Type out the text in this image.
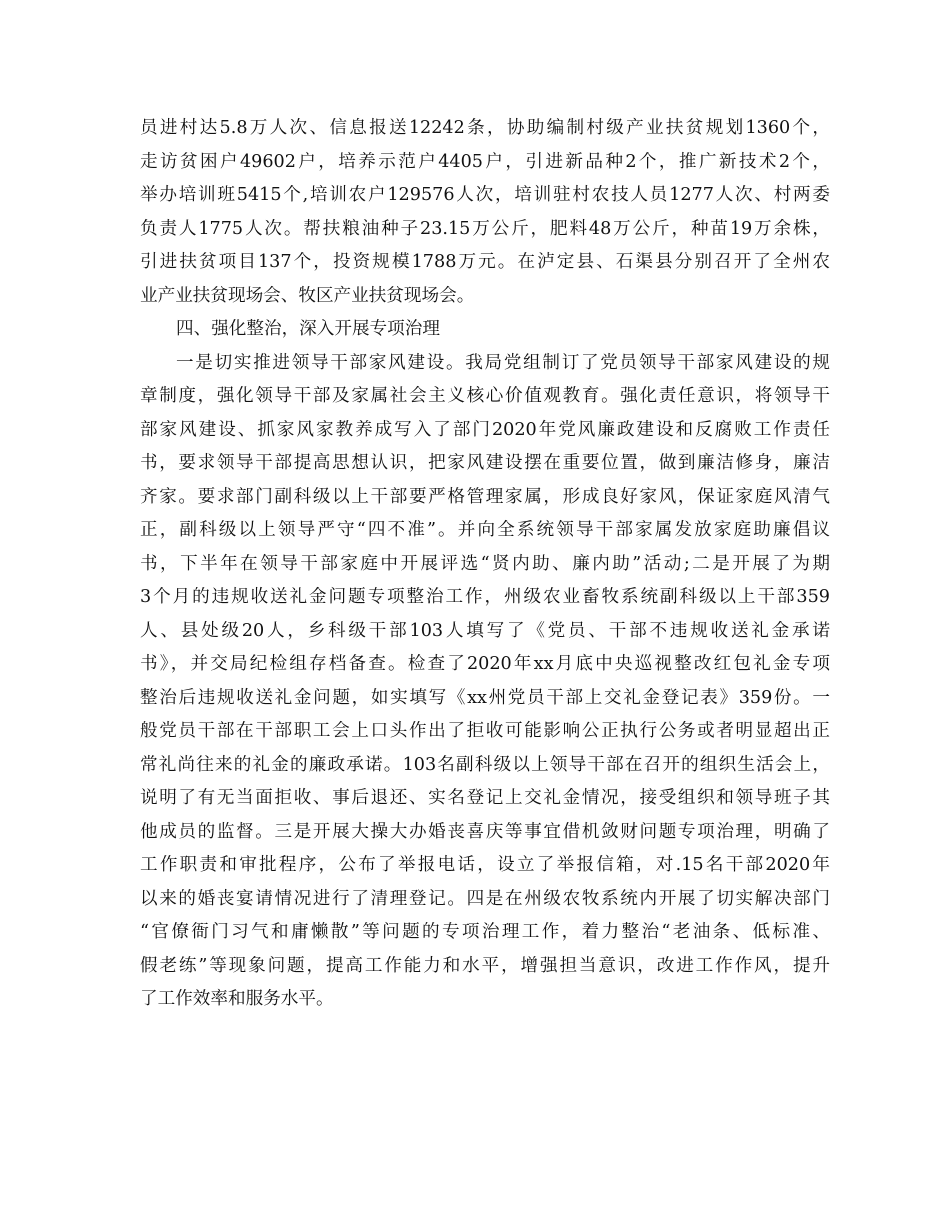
员进村达5.8万人次、信息报送12242条，协助编制村级产业扶贫规划1360个，
走访贫困户49602户，培养示范户4405户，引进新品种2个，推广新技术2个，
举办培训班5415个,培训农户129576人次，培训驻村农技人员1277人次、村两委
负责人1775人次。帮扶粮油种子23.15万公斤，肥料48万公斤，种苗19万余株，
引进扶贫项目137个，投资规模1788万元。在泸定县、石渠县分别召开了全州农
业产业扶贫现场会、牧区产业扶贫现场会。
四、强化整治，深入开展专项治理
一是切实推进领导干部家风建设。我局党组制订了党员领导干部家风建设的规
章制度，强化领导干部及家属社会主义核心价值观教育。强化责任意识，将领导干
部家风建设、抓家风家教养成写入了部门2020年党风廉政建设和反腐败工作责任
书，要求领导干部提高思想认识，把家风建设摆在重要位置，做到廉洁修身，廉洁
齐家。要求部门副科级以上干部要严格管理家属，形成良好家风，保证家庭风清气
正，副科级以上领导严守“四不准”。并向全系统领导干部家属发放家庭助廉倡议
书，下半年在领导干部家庭中开展评选“贤内助、廉内助”活动;二是开展了为期
3个月的违规收送礼金问题专项整治工作，州级农业畜牧系统副科级以上干部359
人、县处级20人，乡科级干部103人填写了《党员、干部不违规收送礼金承诺
书》，并交局纪检组存档备查。检查了2020年xx月底中央巡视整改红包礼金专项
整治后违规收送礼金问题，如实填写《xx州党员干部上交礼金登记表》359份。一
般党员干部在干部职工会上口头作出了拒收可能影响公正执行公务或者明显超出正
常礼尚往来的礼金的廉政承诺。103名副科级以上领导干部在召开的组织生活会上，
说明了有无当面拒收、事后退还、实名登记上交礼金情况，接受组织和领导班子其
他成员的监督。三是开展大操大办婚丧喜庆等事宜借机敛财问题专项治理，明确了
工作职责和审批程序，公布了举报电话，设立了举报信箱，对.15名干部2020年
以来的婚丧宴请情况进行了清理登记。四是在州级农牧系统内开展了切实解决部门
“官僚衙门习气和庸懒散”等问题的专项治理工作，着力整治“老油条、低标准、
假老练”等现象问题，提高工作能力和水平，增强担当意识，改进工作作风，提升
了工作效率和服务水平。
